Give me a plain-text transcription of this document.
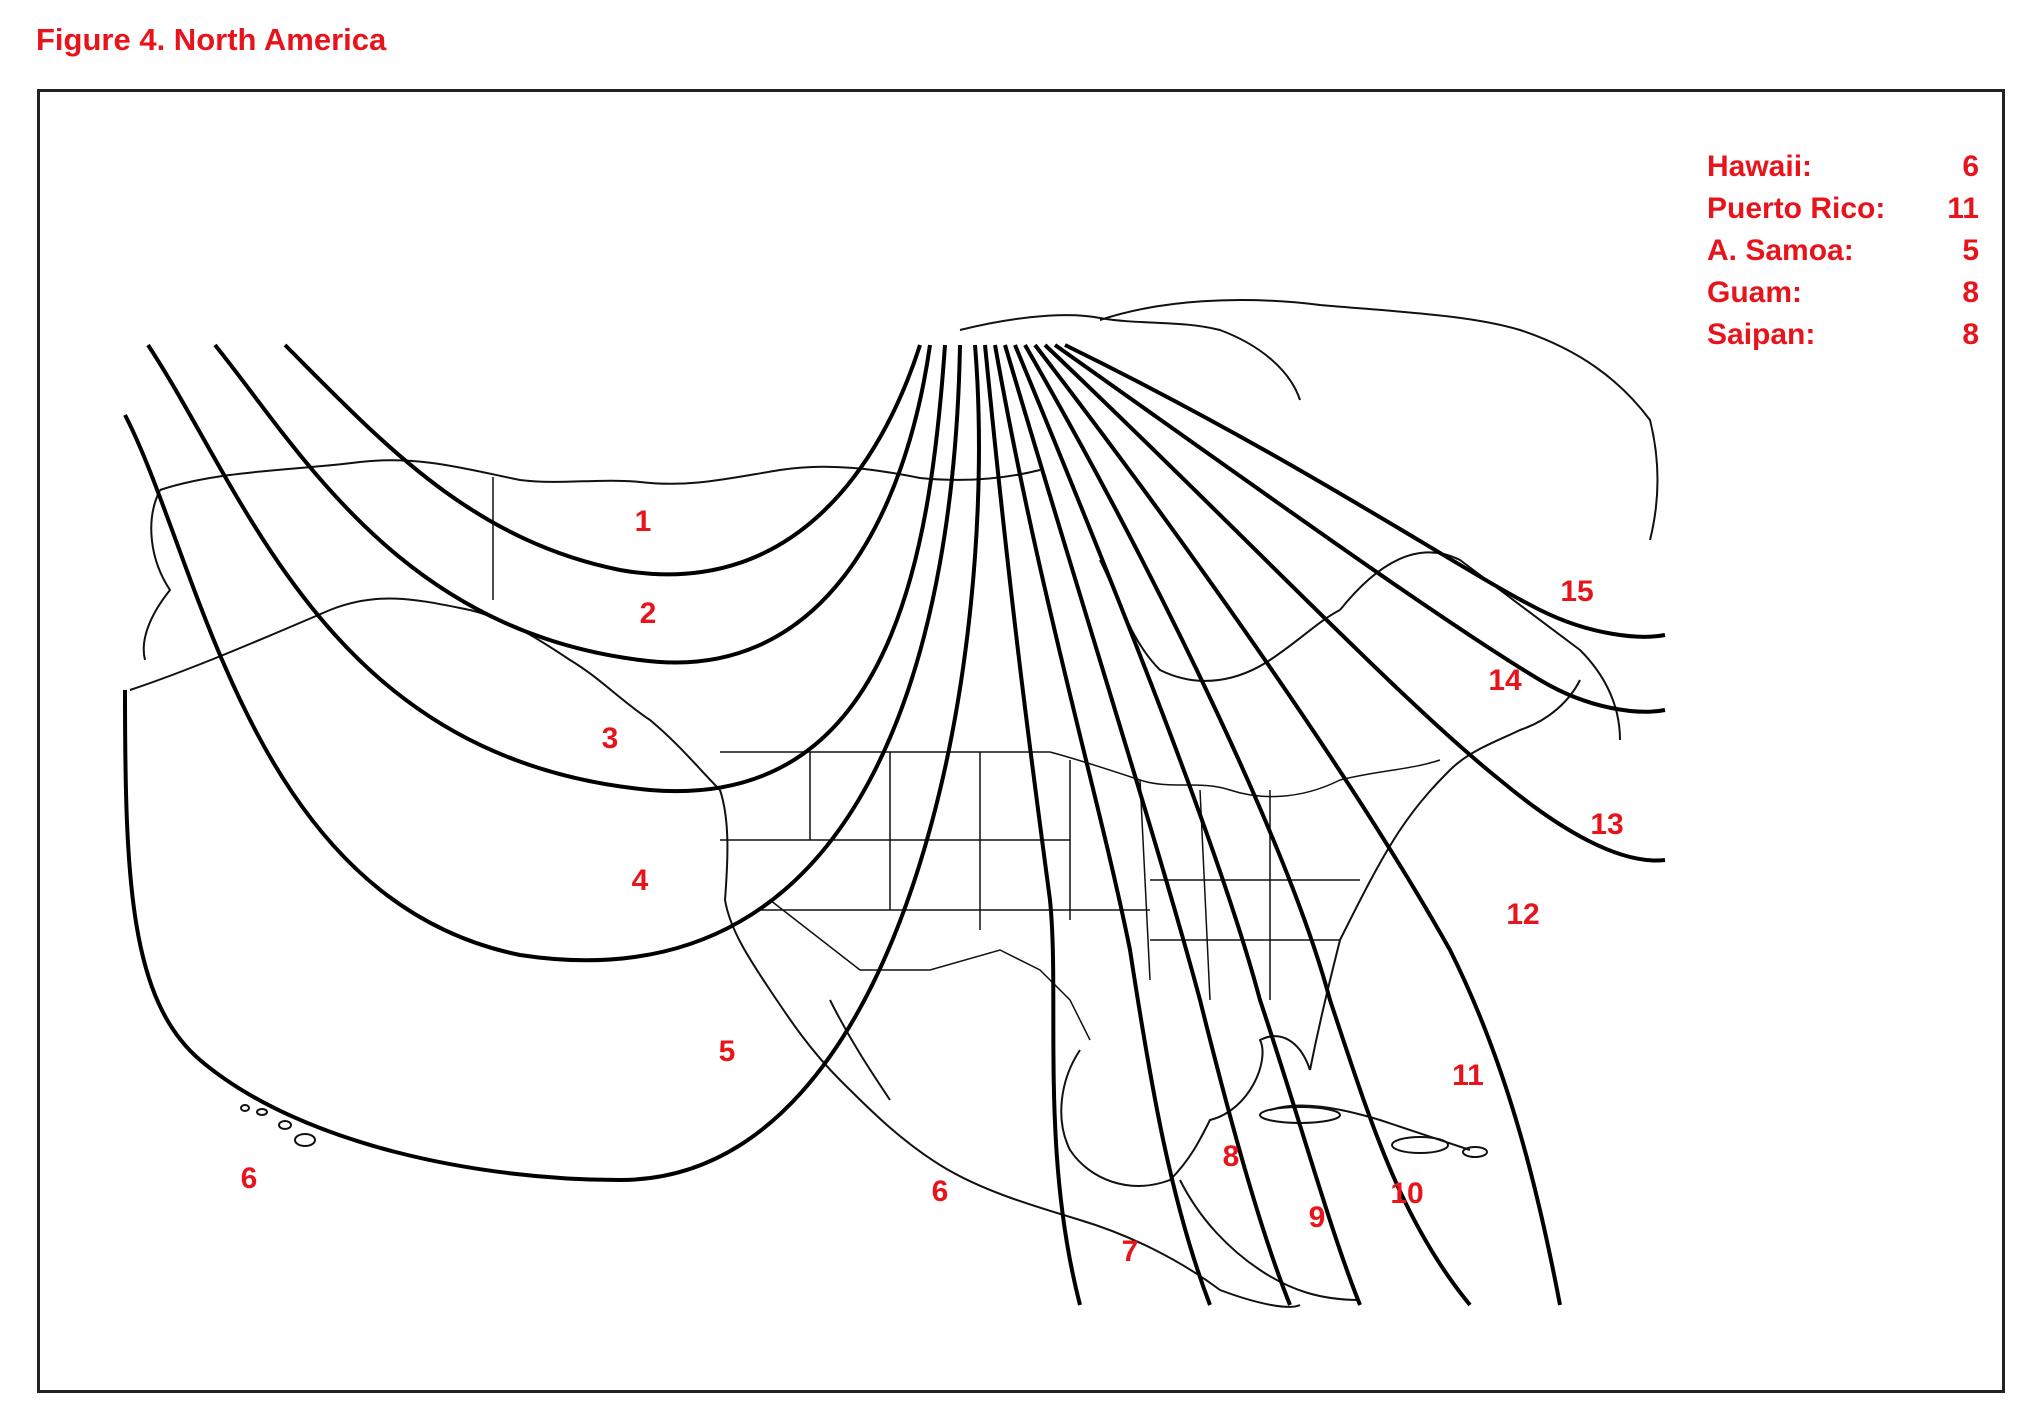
Figure 4. North America
1
2
3
4
5
6	6
7
8
9
10
11
12
13
14
15
Hawaii:	6
Puerto Rico: 11
A. Samoa:	5
Guam:	8
Saipan:	8
